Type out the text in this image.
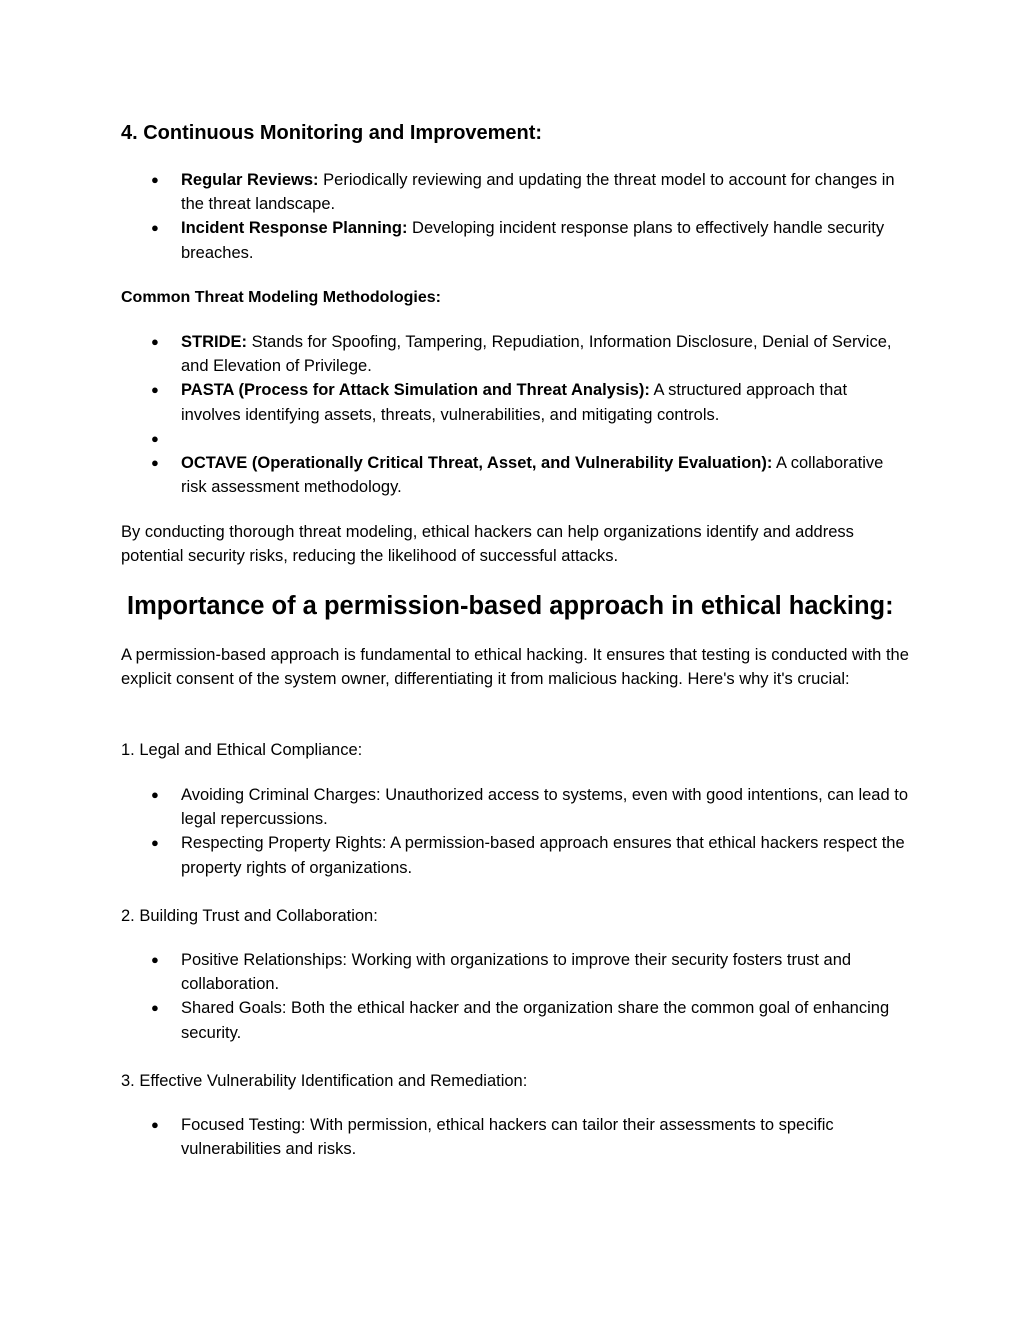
4. Continuous Monitoring and Improvement:
● Regular Reviews: Periodically reviewing and updating the threat model to account for changes in the threat landscape.
● Incident Response Planning: Developing incident response plans to effectively handle security breaches.
Common Threat Modeling Methodologies:
● STRIDE: Stands for Spoofing, Tampering, Repudiation, Information Disclosure, Denial of Service, and Elevation of Privilege.
● PASTA (Process for Attack Simulation and Threat Analysis): A structured approach that involves identifying assets, threats, vulnerabilities, and mitigating controls.
●
● OCTAVE (Operationally Critical Threat, Asset, and Vulnerability Evaluation): A collaborative risk assessment methodology.

By conducting thorough threat modeling, ethical hackers can help organizations identify and address potential security risks, reducing the likelihood of successful attacks.

Importance of a permission-based approach in ethical hacking:

A permission-based approach is fundamental to ethical hacking. It ensures that testing is conducted with the explicit consent of the system owner, differentiating it from malicious hacking. Here's why it's crucial:

1. Legal and Ethical Compliance:

● Avoiding Criminal Charges: Unauthorized access to systems, even with good intentions, can lead to legal repercussions.
● Respecting Property Rights: A permission-based approach ensures that ethical hackers respect the property rights of organizations.

2. Building Trust and Collaboration:

● Positive Relationships: Working with organizations to improve their security fosters trust and collaboration.
● Shared Goals: Both the ethical hacker and the organization share the common goal of enhancing security.

3. Effective Vulnerability Identification and Remediation:

● Focused Testing: With permission, ethical hackers can tailor their assessments to specific vulnerabilities and risks.
